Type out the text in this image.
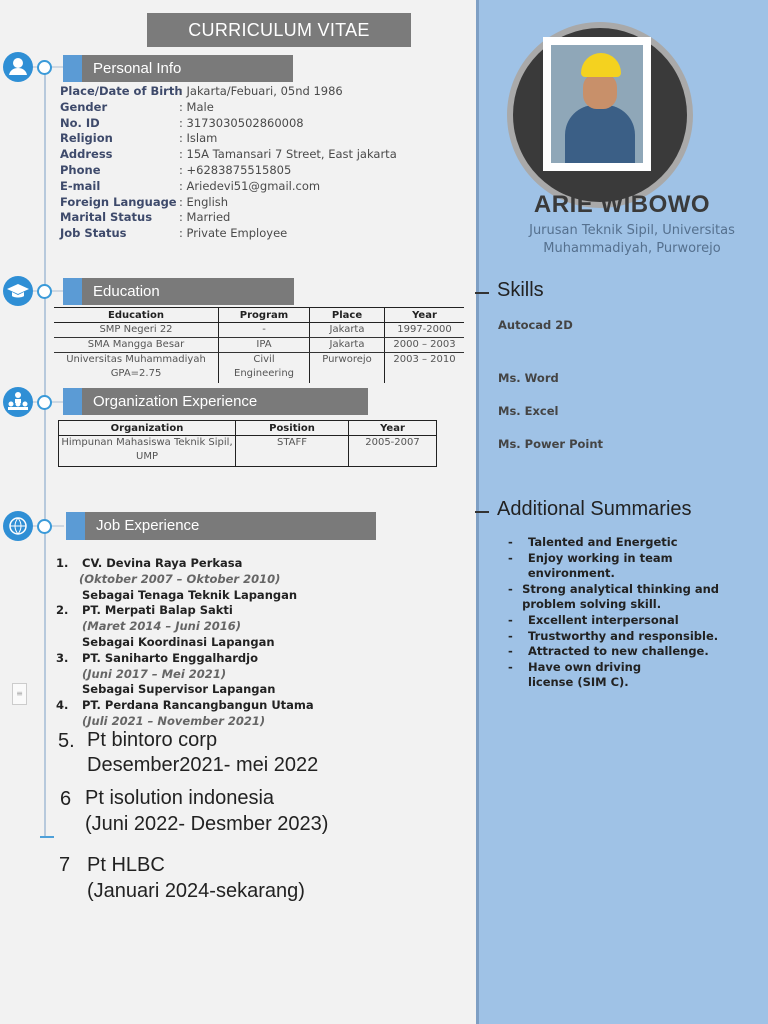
CURRICULUM VITAE
Personal Info
Place/Date of Birth
: Jakarta/Febuari, 05nd 1986
Gender	: Male
No. ID	: 3173030502860008
Religion	: Islam
Address	: 15A Tamansari 7 Street, East jakarta
Phone	: +6283875515805
E-mail	: Ariedevi51@gmail.com
Foreign Language : English
Marital Status	: Married
Job Status	: Private Employee
Education
Education	Program	Place	Year
SMP Negeri 22	-	Jakarta	1997-2000
SMA Mangga Besar	IPA	Jakarta	2000 – 2003
Universitas Muhammadiyah GPA=2.75	Civil Engineering	Purworejo	2003 – 2010
Organization Experience
Organization	Position	Year
Himpunan Mahasiswa Teknik Sipil, UMP	STAFF	2005-2007
Job Experience
1.	CV. Devina Raya Perkasa
(Oktober 2007 – Oktober 2010)
Sebagai Tenaga Teknik Lapangan
2.	PT. Merpati Balap Sakti
(Maret 2014 – Juni 2016)
Sebagai Koordinasi Lapangan
3.	PT. Saniharto Enggalhardjo
(Juni 2017 – Mei 2021)
Sebagai Supervisor Lapangan
4.	PT. Perdana Rancangbangun Utama
(Juli 2021 – November 2021)
≡
5. Pt bintoro corp
Desember2021- mei 2022
6 Pt isolution indonesia
(Juni 2022- Desmber 2023)
7 Pt HLBC
(Januari 2024-sekarang)
ARIE WIBOWO
Jurusan Teknik Sipil, Universitas Muhammadiyah, Purworejo
Skills
Autocad 2D
Ms. Word
Ms. Excel
Ms. Power Point
Additional Summaries
-	Talented and Energetic
-	Enjoy working in team environment.
- Strong analytical thinking and problem solving skill.
-	Excellent interpersonal
-	Trustworthy and responsible.
-	Attracted to new challenge.
-	Have own driving license (SIM C).
